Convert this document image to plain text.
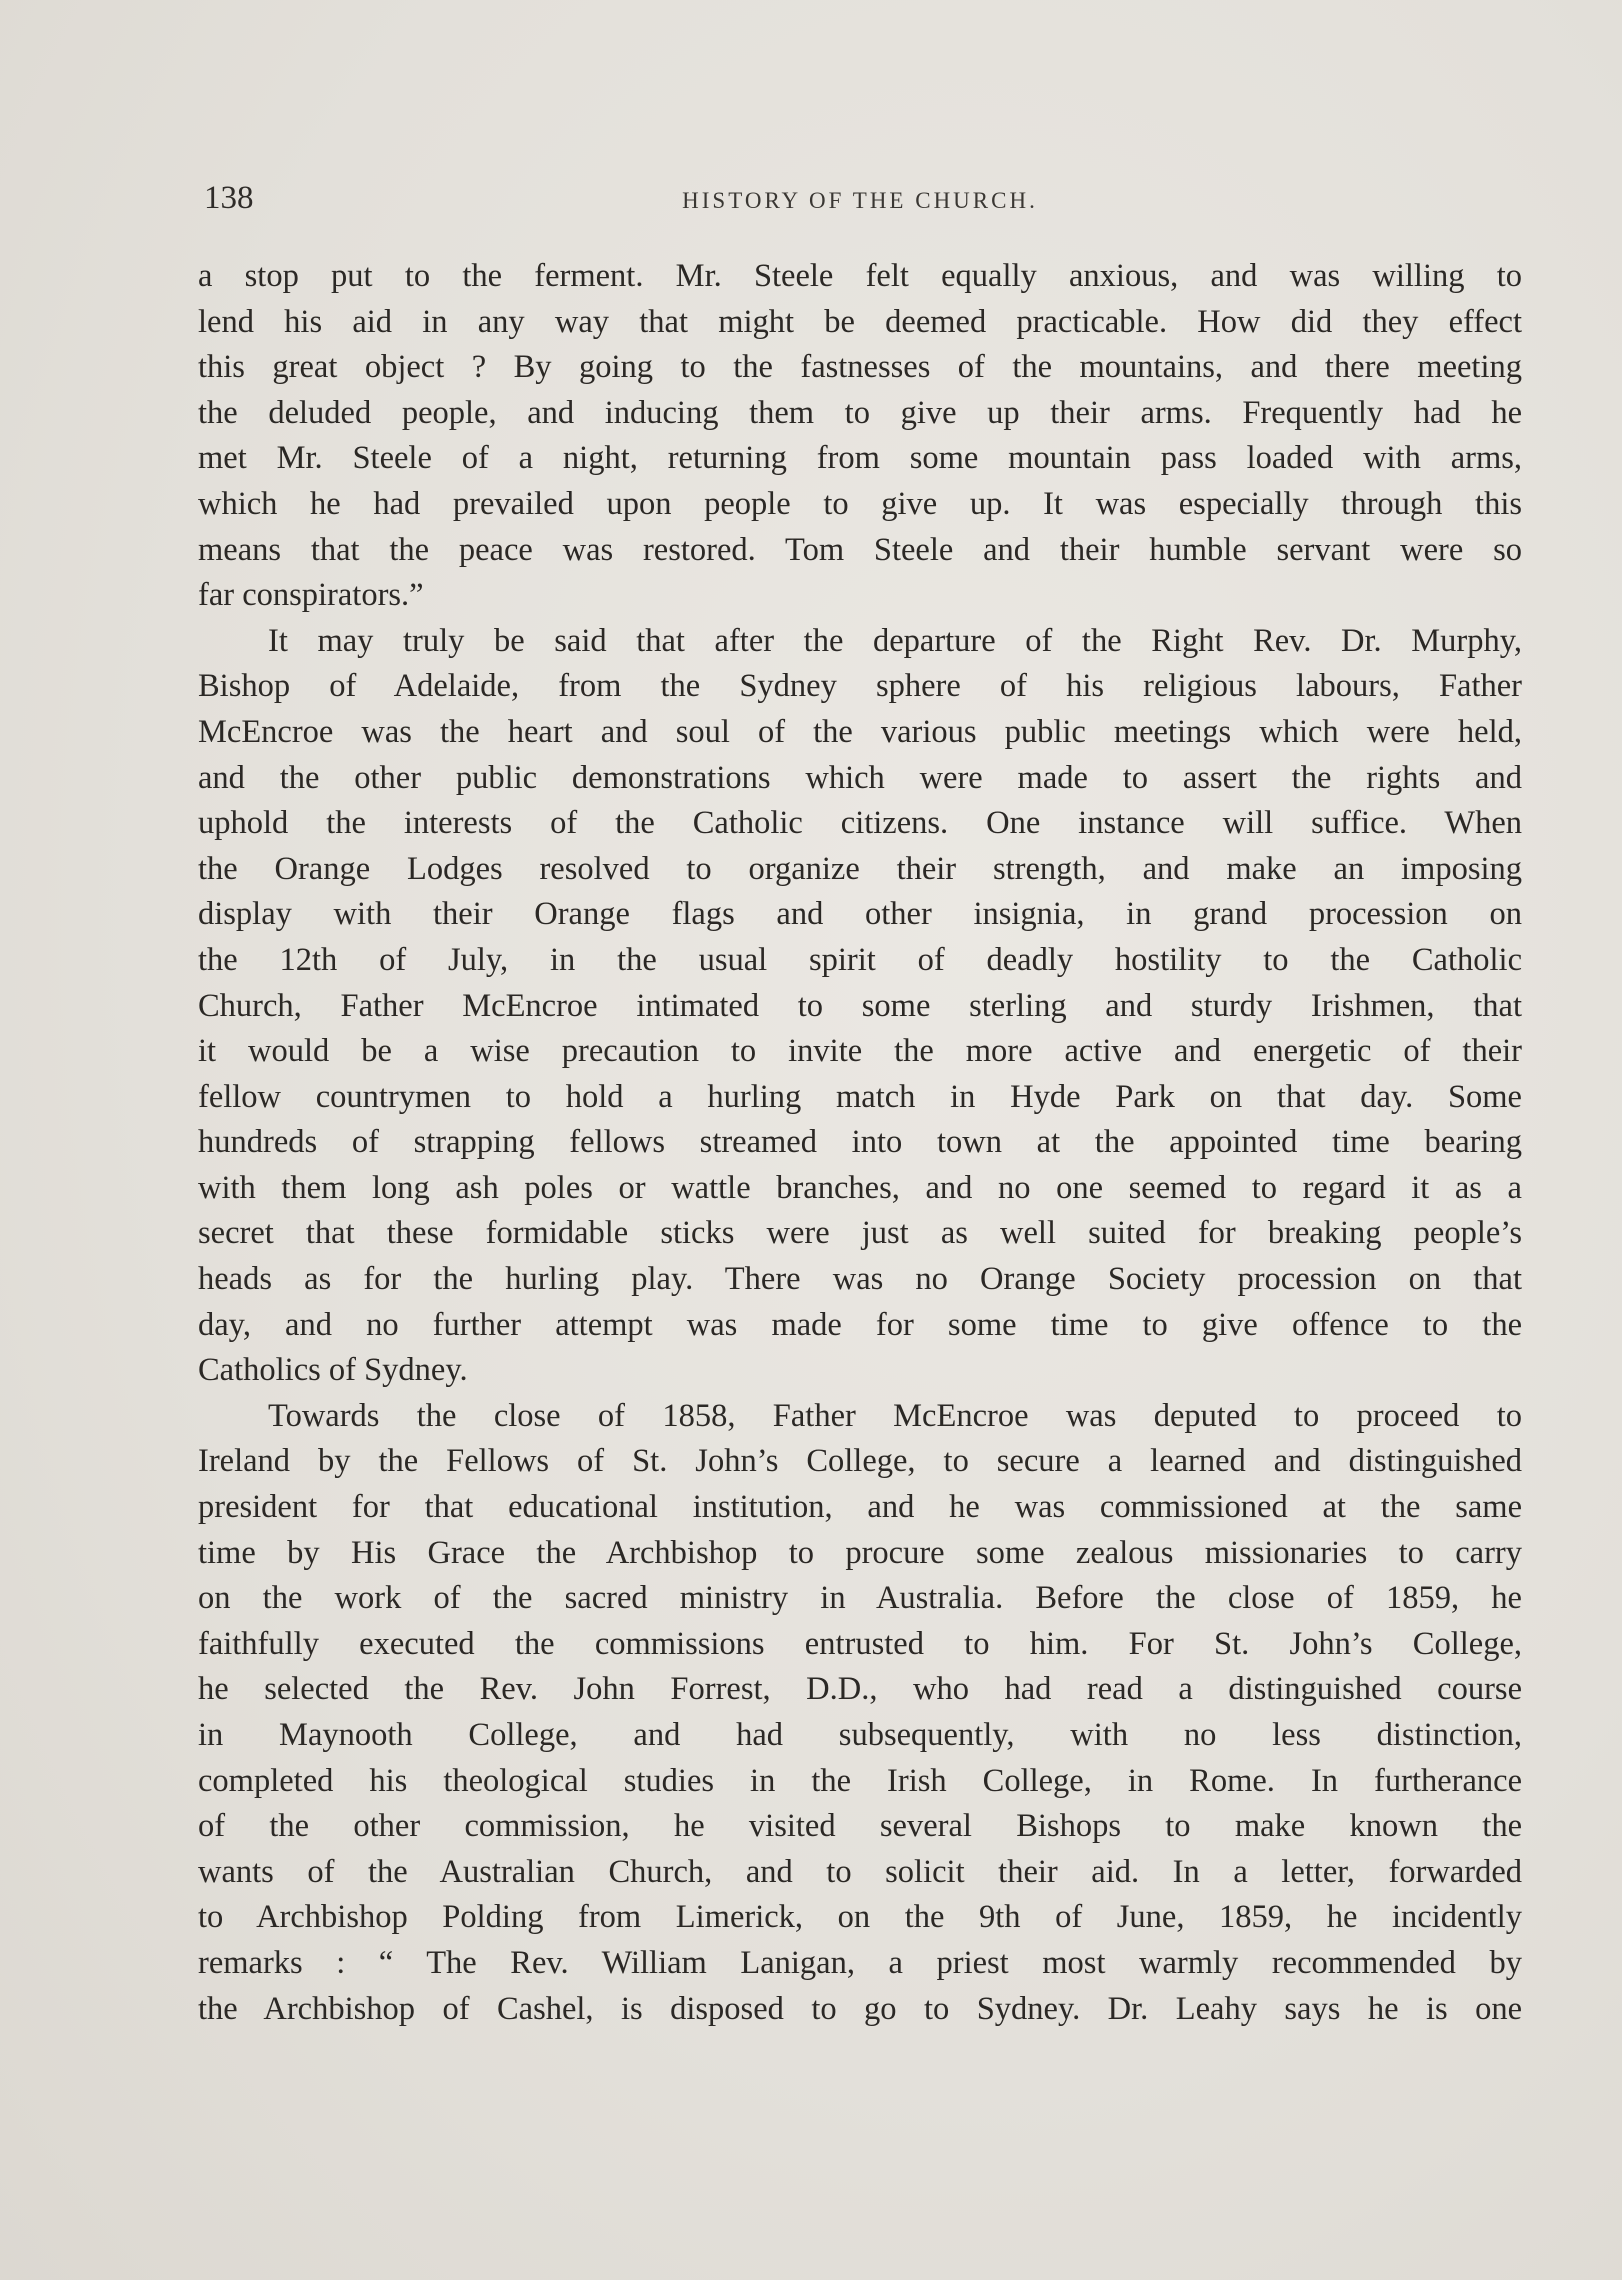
138	HISTORY OF THE CHURCH.
a stop put to the ferment. Mr. Steele felt equally anxious, and was willing to
lend his aid in any way that might be deemed practicable. How did they effect
this great object ? By going to the fastnesses of the mountains, and there meeting
the deluded people, and inducing them to give up their arms. Frequently had he
met Mr. Steele of a night, returning from some mountain pass loaded with arms,
which he had prevailed upon people to give up. It was especially through this
means that the peace was restored. Tom Steele and their humble servant were so
far conspirators.”
It may truly be said that after the departure of the Right Rev. Dr. Murphy,
Bishop of Adelaide, from the Sydney sphere of his religious labours, Father
McEncroe was the heart and soul of the various public meetings which were held,
and the other public demonstrations which were made to assert the rights and
uphold the interests of the Catholic citizens. One instance will suffice. When
the Orange Lodges resolved to organize their strength, and make an imposing
display with their Orange flags and other insignia, in grand procession on
the 12th of July, in the usual spirit of deadly hostility to the Catholic
Church, Father McEncroe intimated to some sterling and sturdy Irishmen, that
it would be a wise precaution to invite the more active and energetic of their
fellow countrymen to hold a hurling match in Hyde Park on that day. Some
hundreds of strapping fellows streamed into town at the appointed time bearing
with them long ash poles or wattle branches, and no one seemed to regard it as a
secret that these formidable sticks were just as well suited for breaking people’s
heads as for the hurling play. There was no Orange Society procession on that
day, and no further attempt was made for some time to give offence to the
Catholics of Sydney.
Towards the close of 1858, Father McEncroe was deputed to proceed to
Ireland by the Fellows of St. John’s College, to secure a learned and distinguished
president for that educational institution, and he was commissioned at the same
time by His Grace the Archbishop to procure some zealous missionaries to carry
on the work of the sacred ministry in Australia. Before the close of 1859, he
faithfully executed the commissions entrusted to him. For St. John’s College,
he selected the Rev. John Forrest, D.D., who had read a distinguished course
in Maynooth College, and had subsequently, with no less distinction,
completed his theological studies in the Irish College, in Rome. In furtherance
of the other commission, he visited several Bishops to make known the
wants of the Australian Church, and to solicit their aid. In a letter, forwarded
to Archbishop Polding from Limerick, on the 9th of June, 1859, he incidently
remarks : “ The Rev. William Lanigan, a priest most warmly recommended by
the Archbishop of Cashel, is disposed to go to Sydney. Dr. Leahy says he is one
